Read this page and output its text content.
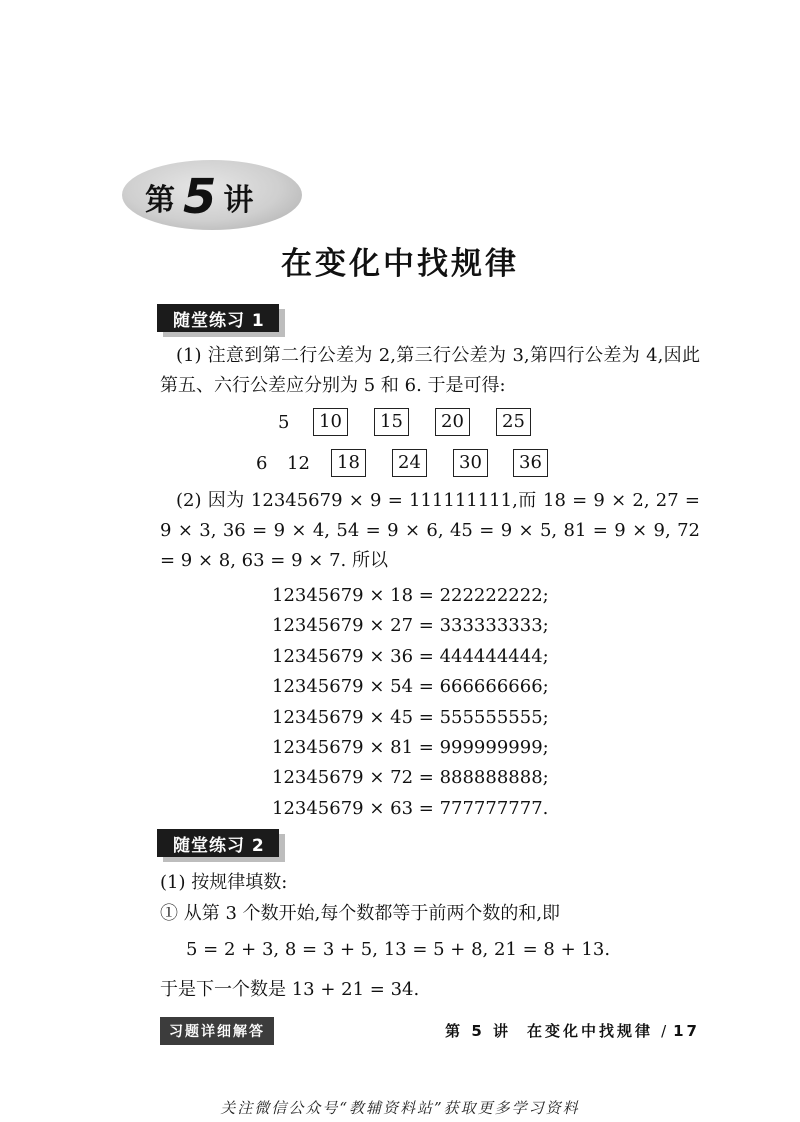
第 5 讲
在变化中找规律
随堂练习 1
(1) 注意到第二行公差为 2,第三行公差为 3,第四行公差为 4,因此第五、六行公差应分别为 5 和 6. 于是可得:
5	10	15	20	25
6 12	18	24	30	36
(2) 因为 12345679 × 9 = 111111111,而 18 = 9 × 2, 27 = 9 × 3, 36 = 9 × 4, 54 = 9 × 6, 45 = 9 × 5, 81 = 9 × 9, 72 = 9 × 8, 63 = 9 × 7. 所以
12345679 × 18 = 222222222;
12345679 × 27 = 333333333;
12345679 × 36 = 444444444;
12345679 × 54 = 666666666;
12345679 × 45 = 555555555;
12345679 × 81 = 999999999;
12345679 × 72 = 888888888;
12345679 × 63 = 777777777.
随堂练习 2
(1) 按规律填数:
① 从第 3 个数开始,每个数都等于前两个数的和,即
5 = 2 + 3, 8 = 3 + 5, 13 = 5 + 8, 21 = 8 + 13.
于是下一个数是 13 + 21 = 34.
习题详细解答	第 5 讲 在变化中找规律 / 17
关注微信公众号“教辅资料站”获取更多学习资料
